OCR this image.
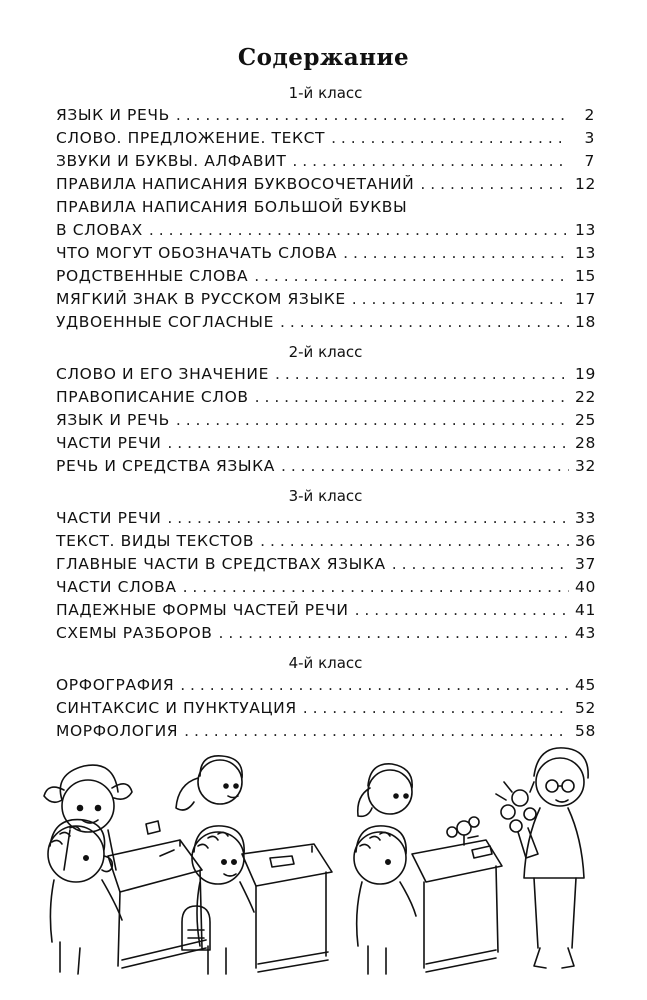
Содержание
1-й класс
ЯЗЫК И РЕЧЬ . . .	2
СЛОВО. ПРЕДЛОЖЕНИЕ. ТЕКСТ . . .	3
ЗВУКИ И БУКВЫ. АЛФАВИТ . . .	7
ПРАВИЛА НАПИСАНИЯ БУКВОСОЧЕТАНИЙ . . .	12
ПРАВИЛА НАПИСАНИЯ БОЛЬШОЙ БУКВЫ
В СЛОВАХ . . .	13
ЧТО МОГУТ ОБОЗНАЧАТЬ СЛОВА . . .	13
РОДСТВЕННЫЕ СЛОВА . . .	15
МЯГКИЙ ЗНАК В РУССКОМ ЯЗЫКЕ . . .	17
УДВОЕННЫЕ СОГЛАСНЫЕ . . .	18
2-й класс
СЛОВО И ЕГО ЗНАЧЕНИЕ . . .	19
ПРАВОПИСАНИЕ СЛОВ . . .	22
ЯЗЫК И РЕЧЬ . . .	25
ЧАСТИ РЕЧИ . . .	28
РЕЧЬ И СРЕДСТВА ЯЗЫКА . . .	32
3-й класс
ЧАСТИ РЕЧИ . . .	33
ТЕКСТ. ВИДЫ ТЕКСТОВ . . .	36
ГЛАВНЫЕ ЧАСТИ В СРЕДСТВАХ ЯЗЫКА . . .	37
ЧАСТИ СЛОВА . . .	40
ПАДЕЖНЫЕ ФОРМЫ ЧАСТЕЙ РЕЧИ . . .	41
СХЕМЫ РАЗБОРОВ . . .	43
4-й класс
ОРФОГРАФИЯ . . .	45
СИНТАКСИС И ПУНКТУАЦИЯ . . .	52
МОРФОЛОГИЯ . . .	58
